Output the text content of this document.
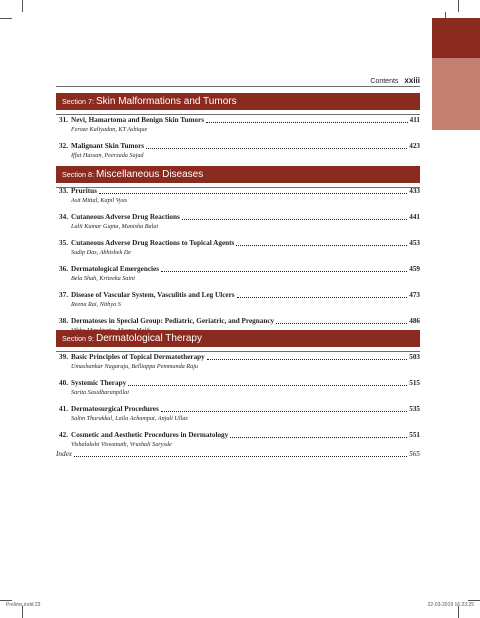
Contents xxiii
Section 7: Skin Malformations and Tumors
31. Nevi, Hamartoma and Benign Skin Tumors	411
Feroze Kaliyadan, KT Ashique
32. Malignant Skin Tumors	423
Iffat Hassan, Peerzada Sajad
Section 8: Miscellaneous Diseases
33. Pruritus	433
Asit Mittal, Kapil Vyas
34. Cutaneous Adverse Drug Reactions	441
Lalit Kumar Gupta, Manisha Balai
35. Cutaneous Adverse Drug Reactions to Topical Agents	453
Sudip Das, Abhishek De
36. Dermatological Emergencies	459
Bela Shah, Kriteeka Saini
37. Disease of Vascular System, Vasculitis and Leg Ulcers	473
Reena Rai, Nithya S
38. Dermatoses in Special Group: Pediatric, Geriatric, and Pregnancy	486
Section 9: Dermatological Therapy
39. Basic Principles of Topical Dermatotherapy	503
Umashankar Nagaraju, Belliappa Pemmanda Raju
40. Systemic Therapy	515
Sarita Sasidharanpillai
41. Dermatosurgical Procedures	535
Salim Thurakkal, Laila Achampat, Anjali Ullas
42. Cosmetic and Aesthetic Procedures in Dermatology	551
Vishalakshi Viswanath, Vrushali Surysde
Index	565
Prelims.indd 23	22-03-2019 16:23:25
